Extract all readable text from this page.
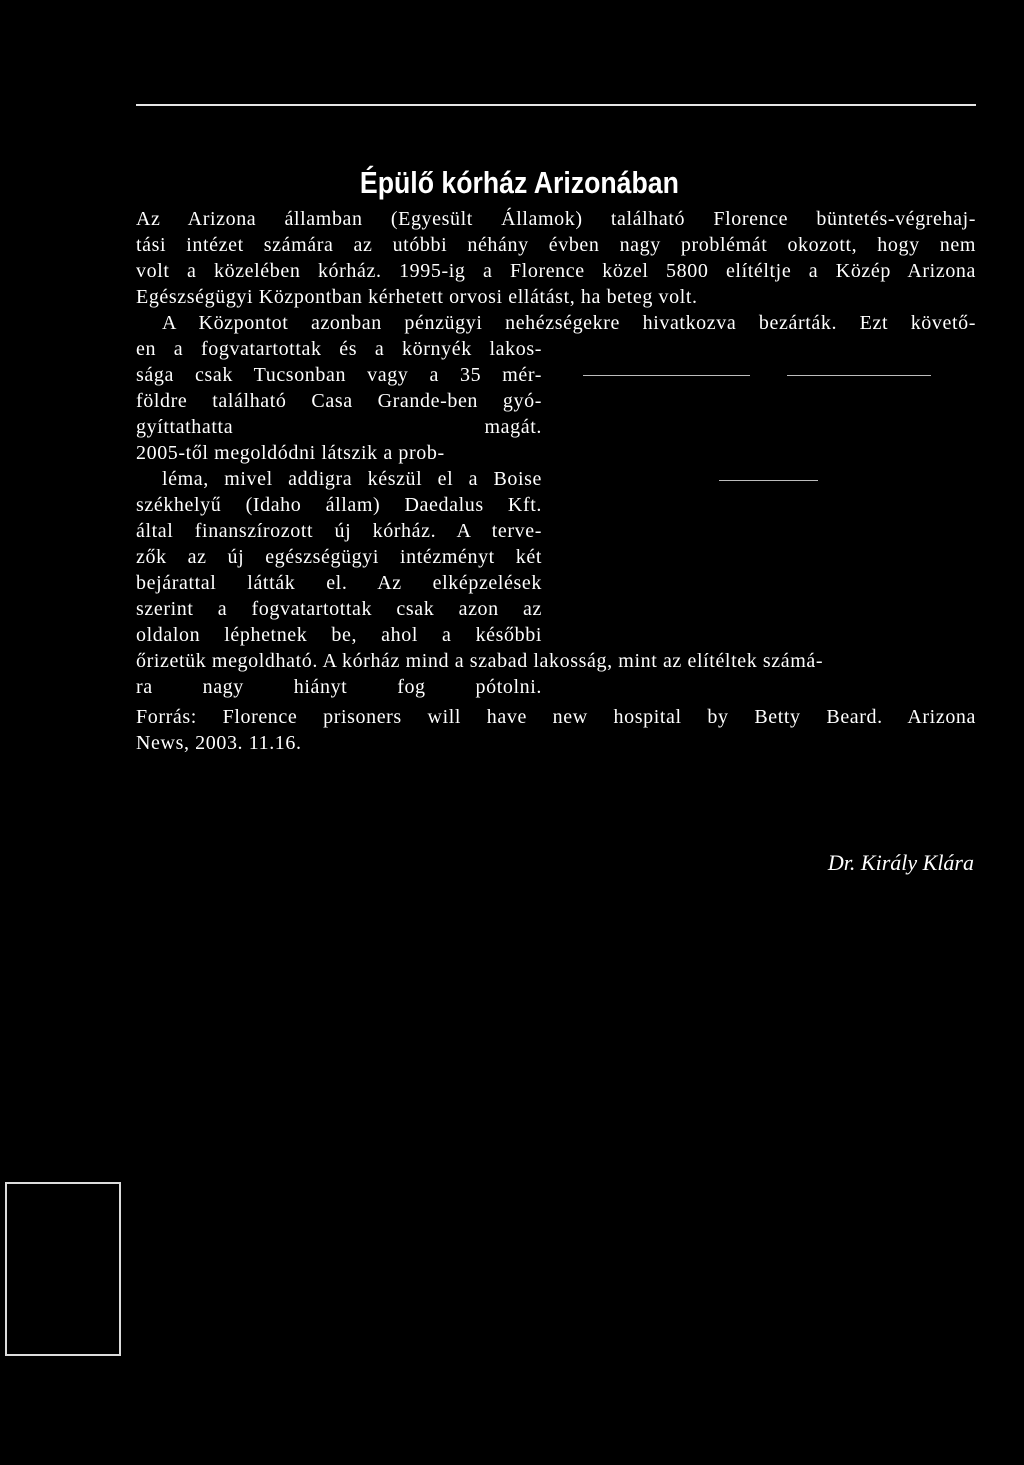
Épülő kórház Arizonában
Az Arizona államban (Egyesült Államok) található Florence büntetés-végrehaj-
tási intézet számára az utóbbi néhány évben nagy problémát okozott, hogy nem
volt a közelében kórház. 1995-ig a Florence közel 5800 elítéltje a Közép Arizona
Egészségügyi Központban kérhetett orvosi ellátást, ha beteg volt.
A Központot azonban pénzügyi nehézségekre hivatkozva bezárták. Ezt követő-
en a fogvatartottak és a környék lakos-
sága csak Tucsonban vagy a 35 mér-
földre található Casa Grande-ben gyó-
gyíttathatta magát.
2005-től megoldódni látszik a prob-
léma, mivel addigra készül el a Boise
székhelyű (Idaho állam) Daedalus Kft.
által finanszírozott új kórház. A terve-
zők az új egészségügyi intézményt két
bejárattal látták el. Az elképzelések
szerint a fogvatartottak csak azon az
oldalon léphetnek be, ahol a későbbi
őrizetük megoldható. A kórház mind a szabad lakosság, mint az elítéltek számá-
ra nagy hiányt fog pótolni.
Forrás: Florence prisoners will have new hospital by Betty Beard. Arizona
News, 2003. 11.16.
Dr. Király Klára
